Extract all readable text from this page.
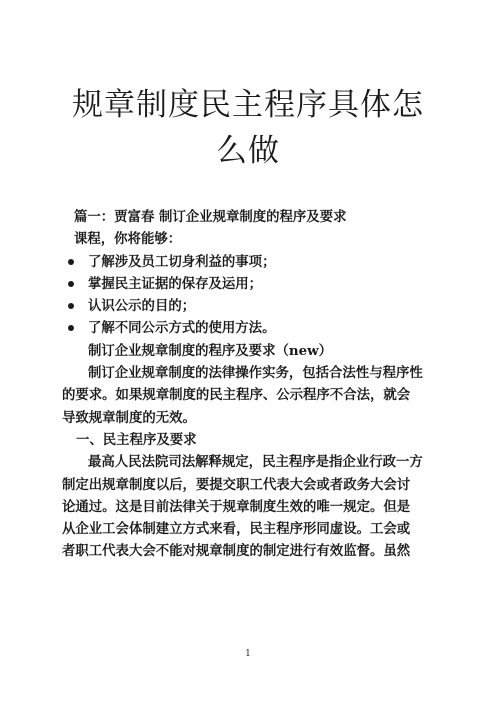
规章制度民主程序具体怎
么做

篇一：贾富春 制订企业规章制度的程序及要求

课程，你将能够：

了解涉及员工切身利益的事项；
掌握民主证据的保存及运用；
认识公示的目的；
了解不同公示方式的使用方法。

制订企业规章制度的程序及要求（new）

制订企业规章制度的法律操作实务，包括合法性与程序性

的要求。如果规章制度的民主程序、公示程序不合法，就会

导致规章制度的无效。

一、民主程序及要求

最高人民法院司法解释规定，民主程序是指企业行政一方

制定出规章制度以后，要提交职工代表大会或者政务大会讨

论通过。这是目前法律关于规章制度生效的唯一规定。但是

从企业工会体制建立方式来看，民主程序形同虚设。工会或

者职工代表大会不能对规章制度的制定进行有效监督。虽然

1
